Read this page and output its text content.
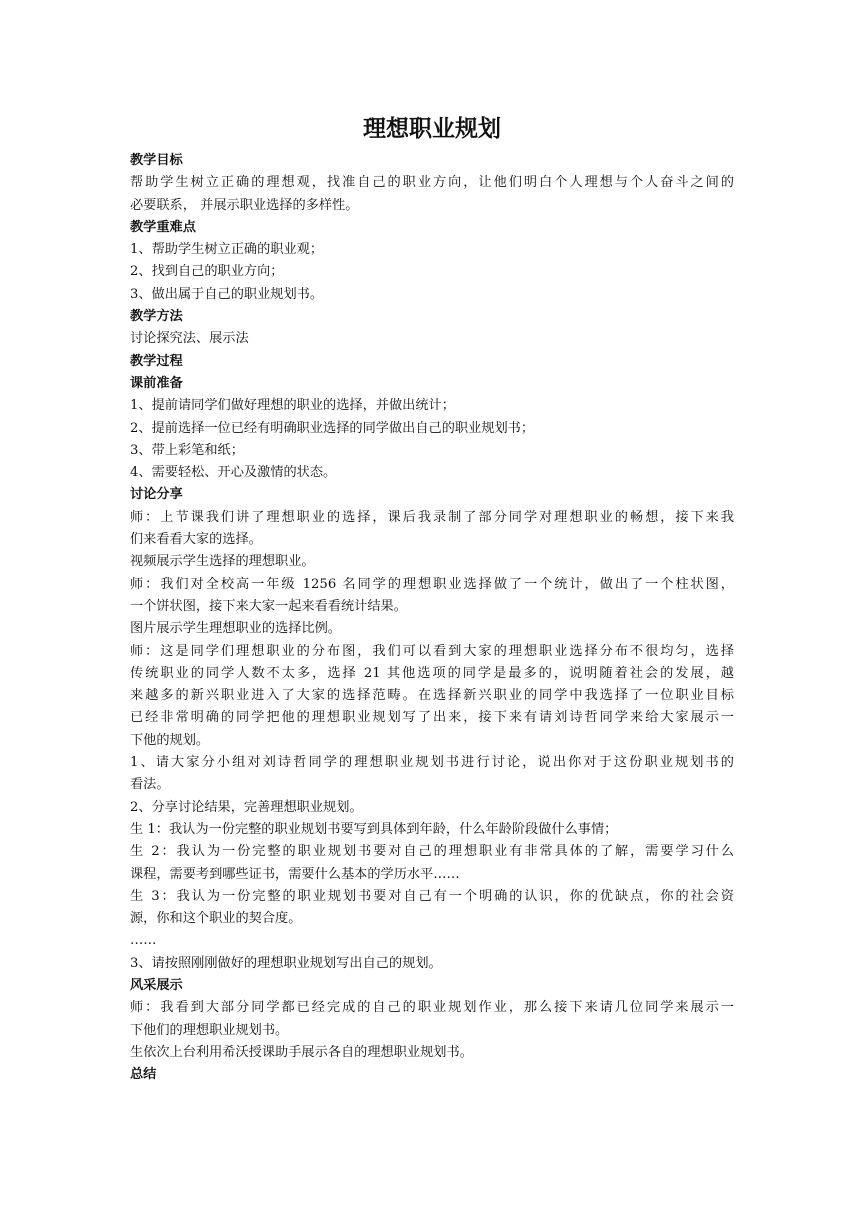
理想职业规划
教学目标
帮助学生树立正确的理想观，找准自己的职业方向，让他们明白个人理想与个人奋斗之间的
必要联系， 并展示职业选择的多样性。
教学重难点
1、帮助学生树立正确的职业观；
2、找到自己的职业方向；
3、做出属于自己的职业规划书。
教学方法
讨论探究法、展示法
教学过程
课前准备
1、提前请同学们做好理想的职业的选择，并做出统计；
2、提前选择一位已经有明确职业选择的同学做出自己的职业规划书；
3、带上彩笔和纸；
4、需要轻松、开心及激情的状态。
讨论分享
师：上节课我们讲了理想职业的选择，课后我录制了部分同学对理想职业的畅想，接下来我
们来看看大家的选择。
视频展示学生选择的理想职业。
师：我们对全校高一年级 1256 名同学的理想职业选择做了一个统计，做出了一个柱状图，
一个饼状图，接下来大家一起来看看统计结果。
图片展示学生理想职业的选择比例。
师：这是同学们理想职业的分布图，我们可以看到大家的理想职业选择分布不很均匀，选择
传统职业的同学人数不太多，选择 21 其他选项的同学是最多的，说明随着社会的发展，越
来越多的新兴职业进入了大家的选择范畴。在选择新兴职业的同学中我选择了一位职业目标
已经非常明确的同学把他的理想职业规划写了出来，接下来有请刘诗哲同学来给大家展示一
下他的规划。
1、请大家分小组对刘诗哲同学的理想职业规划书进行讨论，说出你对于这份职业规划书的
看法。
2、分享讨论结果，完善理想职业规划。
生 1：我认为一份完整的职业规划书要写到具体到年龄，什么年龄阶段做什么事情；
生 2：我认为一份完整的职业规划书要对自己的理想职业有非常具体的了解，需要学习什么
课程，需要考到哪些证书，需要什么基本的学历水平……
生 3：我认为一份完整的职业规划书要对自己有一个明确的认识，你的优缺点，你的社会资
源，你和这个职业的契合度。
……
3、请按照刚刚做好的理想职业规划写出自己的规划。
风采展示
师：我看到大部分同学都已经完成的自己的职业规划作业，那么接下来请几位同学来展示一
下他们的理想职业规划书。
生依次上台利用希沃授课助手展示各自的理想职业规划书。
总结
